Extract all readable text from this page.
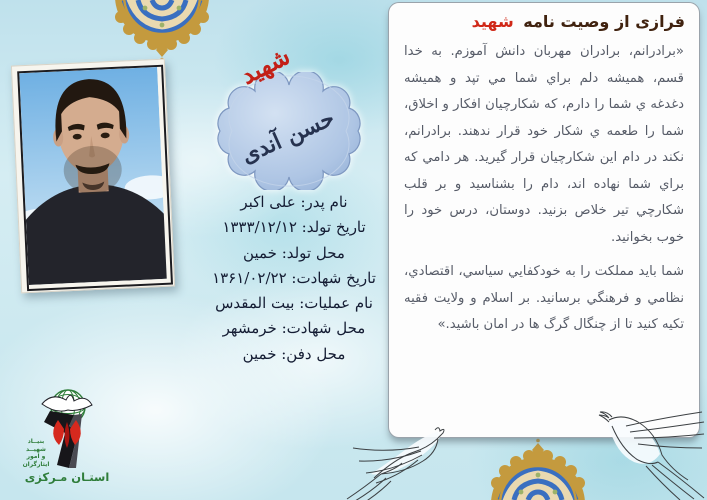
فرازی از وصیت نامه شهید

«برادرانم، برادران مهربان دانش آموزم. به خدا قسم، همیشه دلم براي شما مي تپد و همیشه دغدغه ي شما را دارم، که شکارچیان افکار و اخلاق، شما را طعمه ي شکار خود قرار ندهند. برادرانم، نکند در دام این شکارچیان قرار گیرید. هر دامي که براي شما نهاده اند، دام را بشناسید و بر قلب شکارچي تیر خلاص بزنید. دوستان، درس خود را خوب بخوانید.

شما باید مملکت را به خودکفایي سیاسي، اقتصادي، نظامي و فرهنگي برسانید. بر اسلام و ولایت فقیه تکیه کنید تا از چنگال گرگ ها در امان باشید.»

حسن آندی
شهید
نام پدر: علی اکبر
تاریخ تولد: ۱۳۳۳/۱۲/۱۲
محل تولد: خمین
تاریخ شهادت: ۱۳۶۱/۰۲/۲۲
نام عملیات: بیت المقدس
محل شهادت: خرمشهر
محل دفن: خمین
بنیــاد
شهیــد
و امور ایثارگران
استـان مـرکزی
